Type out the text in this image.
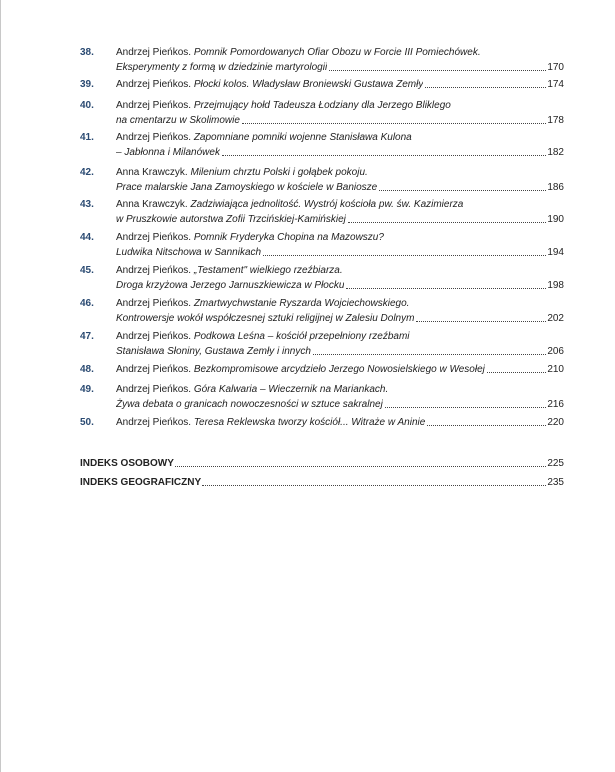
38.	Andrzej Pieńkos. Pomnik Pomordowanych Ofiar Obozu w Forcie III Pomiechówek.
Eksperymenty z formą w dziedzinie martyrologii	170
39.	Andrzej Pieńkos. Płocki kolos. Władysław Broniewski Gustawa Zemły	174
40.	Andrzej Pieńkos. Przejmujący hołd Tadeusza Łodziany dla Jerzego Bliklego
na cmentarzu w Skolimowie	178
41.	Andrzej Pieńkos. Zapomniane pomniki wojenne Stanisława Kulona
– Jabłonna i Milanówek	182
42.	Anna Krawczyk. Milenium chrztu Polski i gołąbek pokoju.
Prace malarskie Jana Zamoyskiego w kościele w Baniosze	186
43.	Anna Krawczyk. Zadziwiająca jednolitość. Wystrój kościoła pw. św. Kazimierza
w Pruszkowie autorstwa Zofii Trzcińskiej-Kamińskiej	190
44.	Andrzej Pieńkos. Pomnik Fryderyka Chopina na Mazowszu?
Ludwika Nitschowa w Sannikach	194
45.	Andrzej Pieńkos. „Testament" wielkiego rzeźbiarza.
Droga krzyżowa Jerzego Jarnuszkiewicza w Płocku	198
46.	Andrzej Pieńkos. Zmartwychwstanie Ryszarda Wojciechowskiego.
Kontrowersje wokół współczesnej sztuki religijnej w Zalesiu Dolnym	202
47.	Andrzej Pieńkos. Podkowa Leśna – kościół przepełniony rzeźbami
Stanisława Słoniny, Gustawa Zemły i innych	206
48.	Andrzej Pieńkos. Bezkompromisowe arcydzieło Jerzego Nowosielskiego w Wesołej	210
49.	Andrzej Pieńkos. Góra Kalwaria – Wieczernik na Mariankach.
Żywa debata o granicach nowoczesności w sztuce sakralnej	216
50.	Andrzej Pieńkos. Teresa Reklewska tworzy kościół... Witraże w Aninie	220
INDEKS OSOBOWY	225
INDEKS GEOGRAFICZNY	235
